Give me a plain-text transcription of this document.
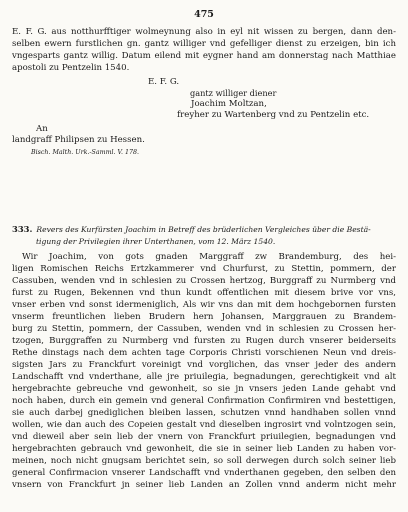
475
E. F. G. aus notthurfftiger wolmeynung also in eyl nit wissen zu bergen, dann den-
selben ewern furstlichen gn. gantz williger vnd gefelliger dienst zu erzeigen, bin ich
vngesparts gantz willig. Datum eilend mit eygner hand am donnerstag nach Matthiae
apostoli zu Pentzelin 1540.
E. F. G.
gantz williger diener
Joachim Moltzan,
freyher zu Wartenberg vnd zu Pentzelin etc.
An
landgraff Philipsen zu Hessen.
Bisch. Malth. Urk.-Samml. V. 178.
333. Revers des Kurfürsten Joachim in Betreff des brüderlichen Vergleiches über die Bestä-
tigung der Privilegien ihrer Unterthanen, vom 12. März 1540.
Wir Joachim, von gots gnaden Marggraff zw Brandemburg, des hei-
ligen Romischen Reichs Ertzkammerer vnd Churfurst, zu Stettin, pommern, der
Cassuben, wenden vnd in schlesien zu Crossen hertzog, Burggraff zu Nurmberg vnd
furst zu Rugen, Bekennen vnd thun kundt offentlichen mit diesem brive vor vns,
vnser erben vnd sonst idermeniglich, Als wir vns dan mit dem hochgebornen fursten
vnserm freuntlichen lieben Brudern hern Johansen, Marggrauen zu Brandem-
burg zu Stettin, pommern, der Cassuben, wenden vnd in schlesien zu Crossen her-
tzogen, Burggraffen zu Nurmberg vnd fursten zu Rugen durch vnserer beiderseits
Rethe dinstags nach dem achten tage Corporis Christi vorschienen Neun vnd dreis-
sigsten Jars zu Franckfurt voreinigt vnd vorglichen, das vnser jeder des andern
Landschafft vnd vnderthane, alle jre priuilegia, begnadungen, gerechtigkeit vnd alt
hergebrachte gebreuche vnd gewonheit, so sie jn vnsers jeden Lande gehabt vnd
noch haben, durch ein gemein vnd general Confirmation Confirmiren vnd bestettigen,
sie auch darbej gnediglichen bleiben lassen, schutzen vnnd handhaben sollen vnnd
wollen, wie dan auch des Copeien gestalt vnd dieselben ingrosirt vnd volntzogen sein,
vnd dieweil aber sein lieb der vnern von Franckfurt priuilegien, begnadungen vnd
hergebrachten gebrauch vnd gewonheit, die sie in seiner lieb Landen zu haben vor-
meinen, noch nicht gnugsam berichtet sein, so soll derwegen durch solch seiner lieb
general Confirmacion vnserer Landschafft vnd vnderthanen gegeben, den selben den
vnsern von Franckfurt jn seiner lieb Landen an Zollen vnnd anderm nicht mehr
